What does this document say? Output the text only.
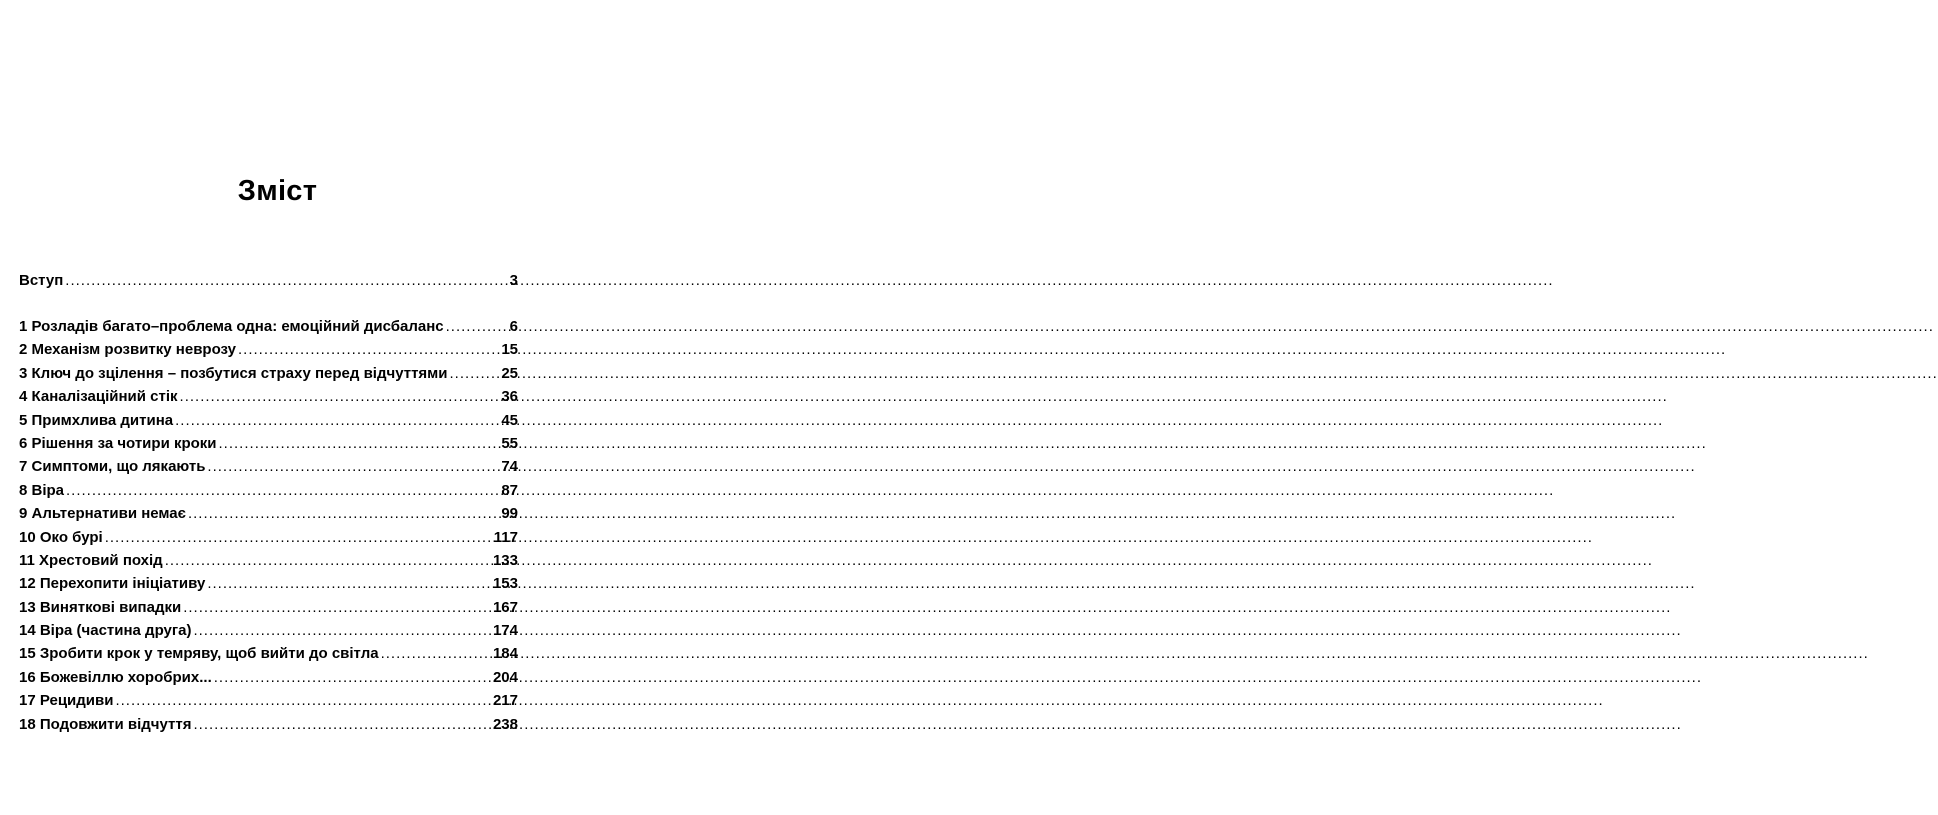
Зміст
Вступ .....	3
1 Розладів багато–проблема одна: емоційний дисбаланс .....	6
2 Механізм розвитку неврозу .....	15
3 Ключ до зцілення – позбутися страху перед відчуттями .....	25
4 Каналізаційний стік .....	36
5 Примхлива дитина .....	45
6 Рішення за чотири кроки .....	55
7 Симптоми, що лякають .....	74
8 Віра .....	87
9 Альтернативи немає .....	99
10 Око бурі .....	117
11 Хрестовий похід .....	133
12 Перехопити ініціативу .....	153
13 Виняткові випадки .....	167
14 Віра (частина друга) .....	174
15 Зробити крок у темряву, щоб вийти до світла .....	184
16 Божевіллю хоробрих... .....	204
17 Рецидиви .....	217
18 Подовжити відчуття .....	238
